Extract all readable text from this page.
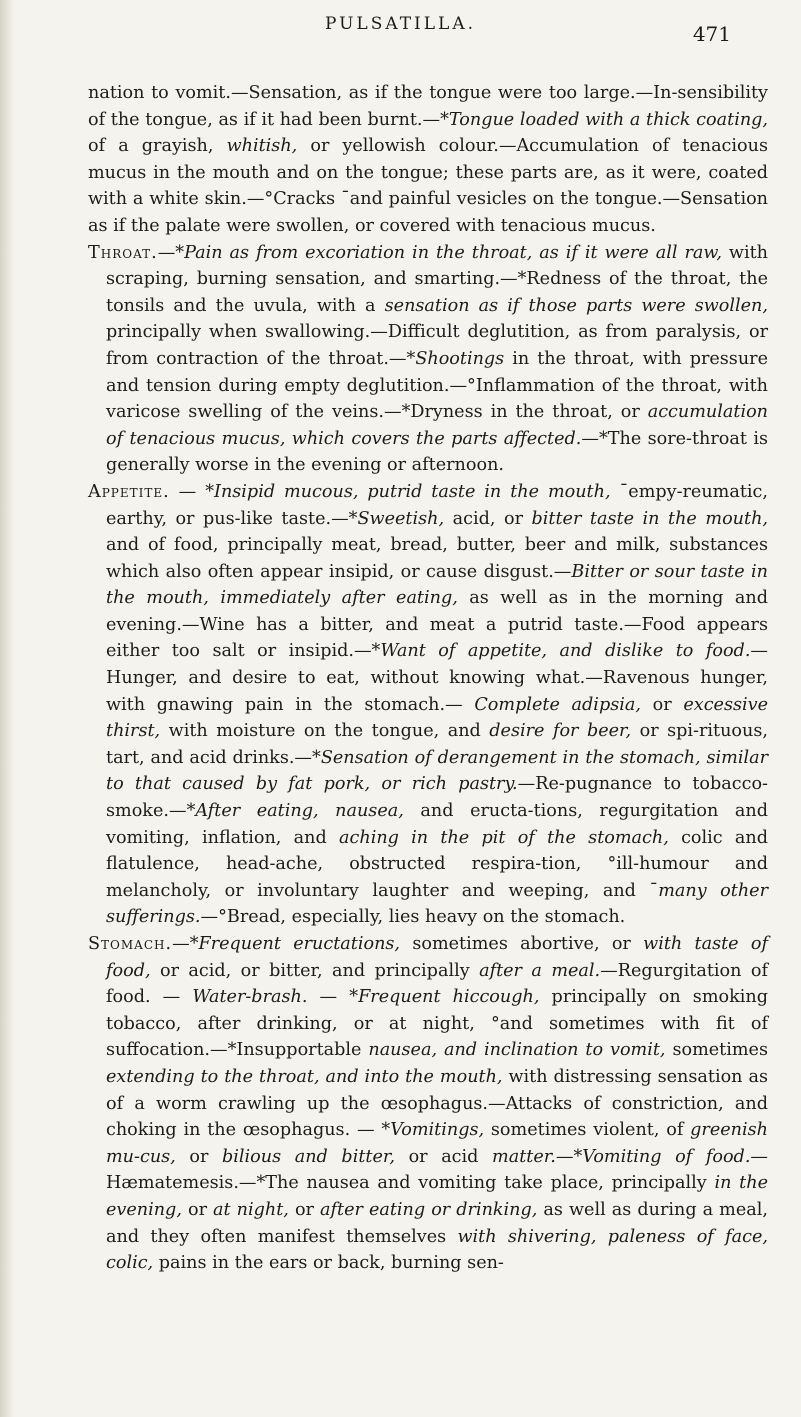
PULSATILLA.	471

nation to vomit.—Sensation, as if the tongue were too large.—In-sensibility of the tongue, as if it had been burnt.—*Tongue loaded with a thick coating, of a grayish, whitish, or yellowish colour.—Accumulation of tenacious mucus in the mouth and on the tongue; these parts are, as it were, coated with a white skin.—°Cracks ¯and painful vesicles on the tongue.—Sensation as if the palate were swollen, or covered with tenacious mucus.

Throat.—*Pain as from excoriation in the throat, as if it were all raw, with scraping, burning sensation, and smarting.—*Redness of the throat, the tonsils and the uvula, with a sensation as if those parts were swollen, principally when swallowing.—Difficult deglutition, as from paralysis, or from contraction of the throat.—*Shootings in the throat, with pressure and tension during empty deglutition.—°Inflammation of the throat, with varicose swelling of the veins.—*Dryness in the throat, or accumulation of tenacious mucus, which covers the parts affected.—*The sore-throat is generally worse in the evening or afternoon.

Appetite. — *Insipid mucous, putrid taste in the mouth, ¯empy-reumatic, earthy, or pus-like taste.—*Sweetish, acid, or bitter taste in the mouth, and of food, principally meat, bread, butter, beer and milk, substances which also often appear insipid, or cause disgust.—Bitter or sour taste in the mouth, immediately after eating, as well as in the morning and evening.—Wine has a bitter, and meat a putrid taste.—Food appears either too salt or insipid.—*Want of appetite, and dislike to food.—Hunger, and desire to eat, without knowing what.—Ravenous hunger, with gnawing pain in the stomach.— Complete adipsia, or excessive thirst, with moisture on the tongue, and desire for beer, or spi-rituous, tart, and acid drinks.—*Sensation of derangement in the stomach, similar to that caused by fat pork, or rich pastry.—Re-pugnance to tobacco-smoke.—*After eating, nausea, and eructa-tions, regurgitation and vomiting, inflation, and aching in the pit of the stomach, colic and flatulence, head-ache, obstructed respira-tion, °ill-humour and melancholy, or involuntary laughter and weeping, and ¯many other sufferings.—°Bread, especially, lies heavy on the stomach.

Stomach.—*Frequent eructations, sometimes abortive, or with taste of food, or acid, or bitter, and principally after a meal.—Regurgitation of food. — Water-brash. — *Frequent hiccough, principally on smoking tobacco, after drinking, or at night, °and sometimes with fit of suffocation.—*Insupportable nausea, and inclination to vomit, sometimes extending to the throat, and into the mouth, with distressing sensation as of a worm crawling up the œsophagus.—Attacks of constriction, and choking in the œsophagus. — *Vomitings, sometimes violent, of greenish mu-cus, or bilious and bitter, or acid matter.—*Vomiting of food.— Hæmatemesis.—*The nausea and vomiting take place, principally in the evening, or at night, or after eating or drinking, as well as during a meal, and they often manifest themselves with shivering, paleness of face, colic, pains in the ears or back, burning sen-
